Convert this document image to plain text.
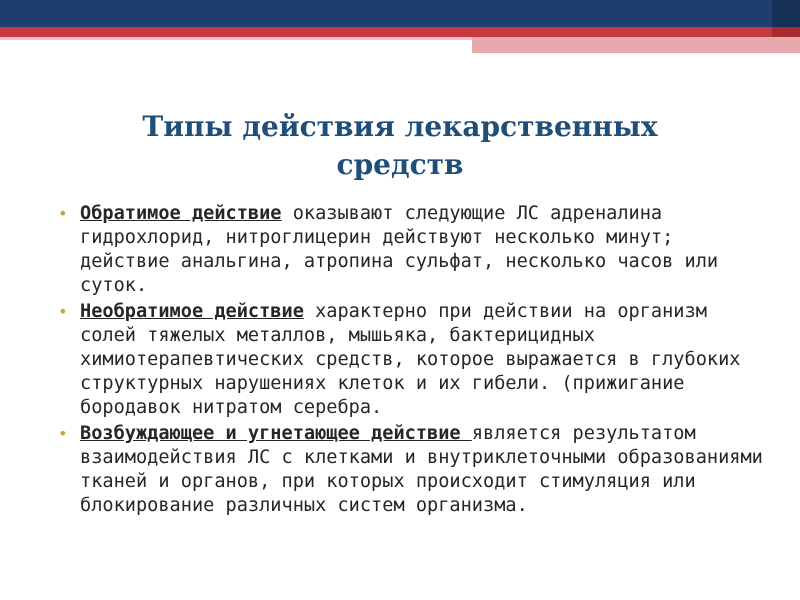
Типы действия лекарственных средств
• Обратимое действие оказывают следующие ЛС адреналина гидрохлорид, нитроглицерин действуют несколько минут; действие анальгина, атропина сульфат, несколько часов или суток.
• Необратимое действие характерно при действии на организм солей тяжелых металлов, мышьяка, бактерицидных химиотерапевтических средств, которое выражается в глубоких структурных нарушениях клеток и их гибели. (прижигание бородавок нитратом серебра.
• Возбуждающее и угнетающее действие является результатом взаимодействия ЛС с клетками и внутриклеточными образованиями тканей и органов, при которых происходит стимуляция или блокирование различных систем организма.
